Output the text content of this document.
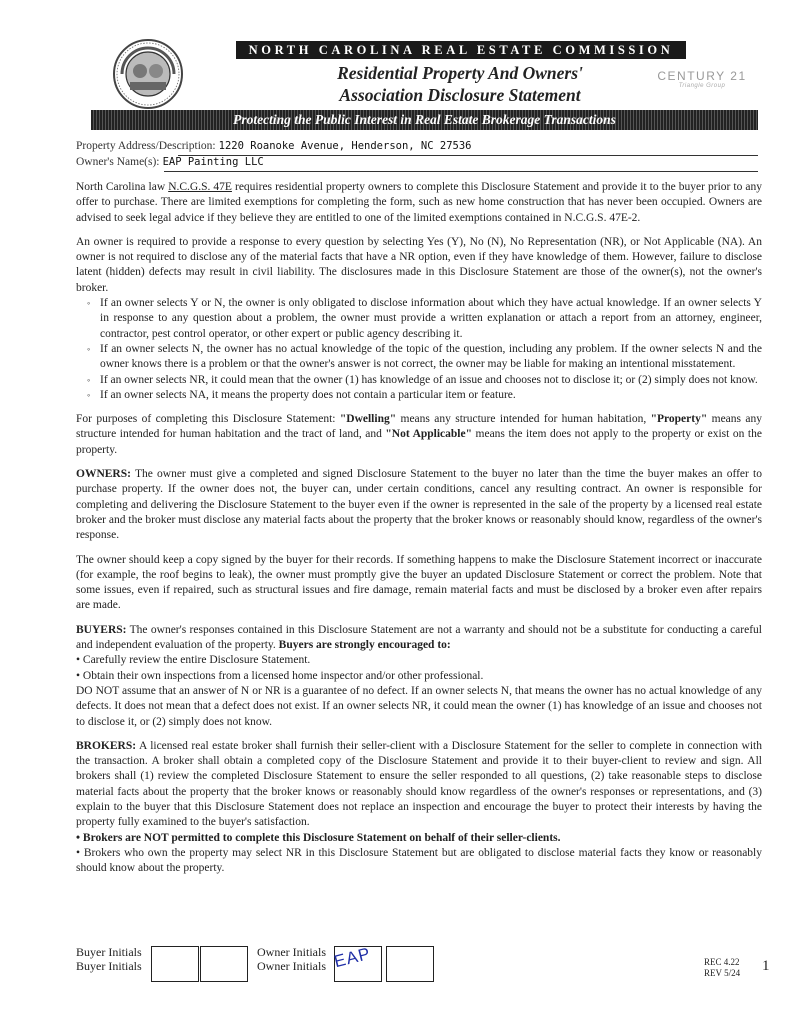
NORTH CAROLINA REAL ESTATE COMMISSION
Residential Property And Owners'
Association Disclosure Statement
CENTURY 21
Triangle Group
Protecting the Public Interest in Real Estate Brokerage Transactions
Property Address/Description: 1220 Roanoke Avenue, Henderson, NC 27536
Owner's Name(s): EAP Painting LLC

North Carolina law N.C.G.S. 47E requires residential property owners to complete this Disclosure Statement and provide it to the buyer prior to any offer to purchase. There are limited exemptions for completing the form, such as new home construction that has never been occupied. Owners are advised to seek legal advice if they believe they are entitled to one of the limited exemptions contained in N.C.G.S. 47E-2.

An owner is required to provide a response to every question by selecting Yes (Y), No (N), No Representation (NR), or Not Applicable (NA). An owner is not required to disclose any of the material facts that have a NR option, even if they have knowledge of them. However, failure to disclose latent (hidden) defects may result in civil liability. The disclosures made in this Disclosure Statement are those of the owner(s), not the owner's broker.

◦ If an owner selects Y or N, the owner is only obligated to disclose information about which they have actual knowledge. If an owner selects Y in response to any question about a problem, the owner must provide a written explanation or attach a report from an attorney, engineer, contractor, pest control operator, or other expert or public agency describing it.
◦ If an owner selects N, the owner has no actual knowledge of the topic of the question, including any problem. If the owner selects N and the owner knows there is a problem or that the owner's answer is not correct, the owner may be liable for making an intentional misstatement.
◦ If an owner selects NR, it could mean that the owner (1) has knowledge of an issue and chooses not to disclose it; or (2) simply does not know.
◦ If an owner selects NA, it means the property does not contain a particular item or feature.

For purposes of completing this Disclosure Statement: "Dwelling" means any structure intended for human habitation, "Property" means any structure intended for human habitation and the tract of land, and "Not Applicable" means the item does not apply to the property or exist on the property.

OWNERS: The owner must give a completed and signed Disclosure Statement to the buyer no later than the time the buyer makes an offer to purchase property. If the owner does not, the buyer can, under certain conditions, cancel any resulting contract. An owner is responsible for completing and delivering the Disclosure Statement to the buyer even if the owner is represented in the sale of the property by a licensed real estate broker and the broker must disclose any material facts about the property that the broker knows or reasonably should know, regardless of the owner's response.

The owner should keep a copy signed by the buyer for their records. If something happens to make the Disclosure Statement incorrect or inaccurate (for example, the roof begins to leak), the owner must promptly give the buyer an updated Disclosure Statement or correct the problem. Note that some issues, even if repaired, such as structural issues and fire damage, remain material facts and must be disclosed by a broker even after repairs are made.

BUYERS: The owner's responses contained in this Disclosure Statement are not a warranty and should not be a substitute for conducting a careful and independent evaluation of the property. Buyers are strongly encouraged to:

• Carefully review the entire Disclosure Statement.
• Obtain their own inspections from a licensed home inspector and/or other professional.

DO NOT assume that an answer of N or NR is a guarantee of no defect. If an owner selects N, that means the owner has no actual knowledge of any defects. It does not mean that a defect does not exist. If an owner selects NR, it could mean the owner (1) has knowledge of an issue and chooses not to disclose it, or (2) simply does not know.

BROKERS: A licensed real estate broker shall furnish their seller-client with a Disclosure Statement for the seller to complete in connection with the transaction. A broker shall obtain a completed copy of the Disclosure Statement and provide it to their buyer-client to review and sign. All brokers shall (1) review the completed Disclosure Statement to ensure the seller responded to all questions, (2) take reasonable steps to disclose material facts about the property that the broker knows or reasonably should know regardless of the owner's responses or representations, and (3) explain to the buyer that this Disclosure Statement does not replace an inspection and encourage the buyer to protect their interests by having the property fully examined to the buyer's satisfaction.

• Brokers are NOT permitted to complete this Disclosure Statement on behalf of their seller-clients.
• Brokers who own the property may select NR in this Disclosure Statement but are obligated to disclose material facts they know or reasonably should know about the property.
Buyer Initials
Buyer Initials
Owner Initials
Owner Initials EAP	REC 4.22
REV 5/24 1
